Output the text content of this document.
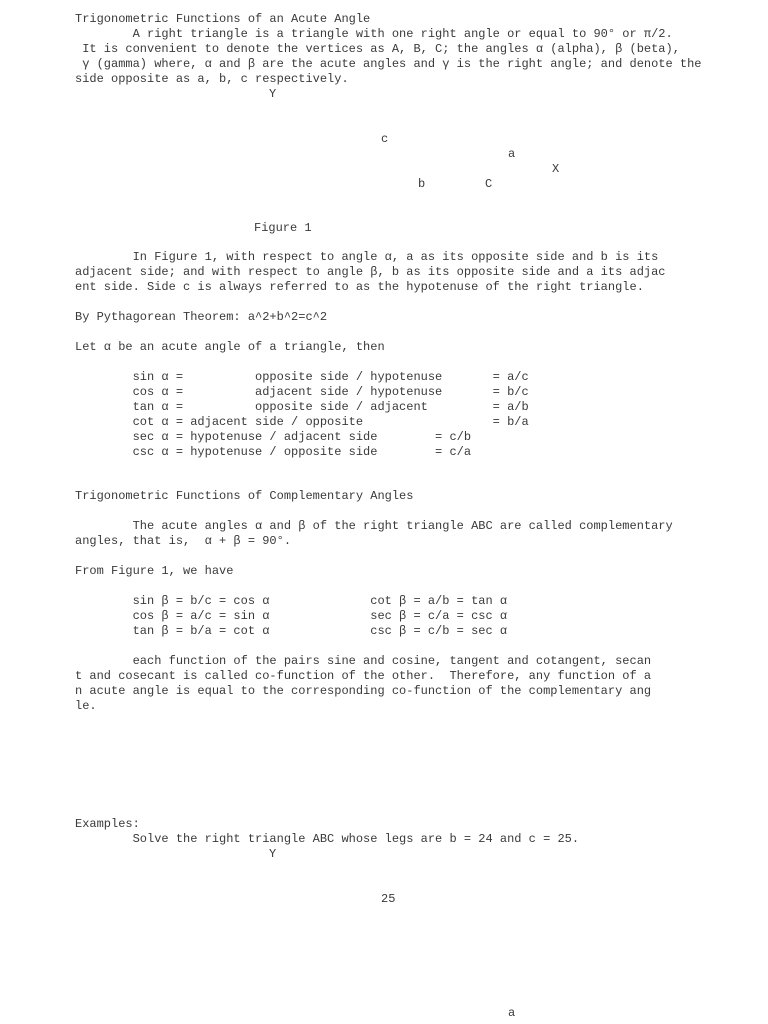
Trigonometric Functions of an Acute Angle
A right triangle is a triangle with one right angle or equal to 90° or π/2.
It is convenient to denote the vertices as A, B, C; the angles α (alpha), β (beta),
γ (gamma) where, α and β are the acute angles and γ is the right angle; and denote the
side opposite as a, b, c respectively.
Y
c
a
X
b	C
Figure 1
In Figure 1, with respect to angle α, a as its opposite side and b is its
adjacent side; and with respect to angle β, b as its opposite side and a its adjac
ent side. Side c is always referred to as the hypotenuse of the right triangle.
By Pythagorean Theorem: a^2+b^2=c^2
Let α be an acute angle of a triangle, then
sin α =          opposite side / hypotenuse       = a/c
cos α =          adjacent side / hypotenuse       = b/c
tan α =          opposite side / adjacent         = a/b
cot α = adjacent side / opposite                  = b/a
sec α = hypotenuse / adjacent side        = c/b
csc α = hypotenuse / opposite side        = c/a
Trigonometric Functions of Complementary Angles
The acute angles α and β of the right triangle ABC are called complementary
angles, that is,  α + β = 90°.
From Figure 1, we have
sin β = b/c = cos α              cot β = a/b = tan α
cos β = a/c = sin α              sec β = c/a = csc α
tan β = b/a = cot α              csc β = c/b = sec α
each function of the pairs sine and cosine, tangent and cotangent, secan
t and cosecant is called co-function of the other.  Therefore, any function of a
n acute angle is equal to the corresponding co-function of the complementary ang
le.
Examples:
Solve the right triangle ABC whose legs are b = 24 and c = 25.
Y
25
a
